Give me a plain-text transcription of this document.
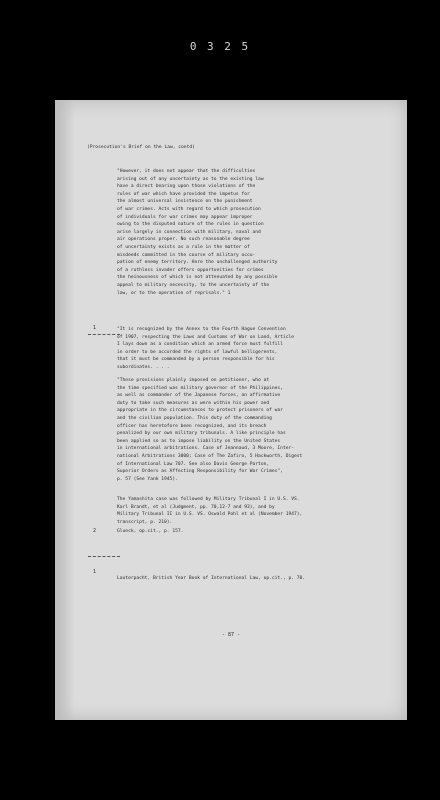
0 3 2 5

(Prosecution's Brief on the Law, contd)

"However, it does not appear that the difficulties

arising out of any uncertainty as to the existing law

have a direct bearing upon those violations of the

rules of war which have provided the impetus for

the almost universal insistence on the punishment

of war crimes. Acts with regard to which prosecution

of individuals for war crimes may appear improper

owing to the disputed nature of the rules in question

arise largely in connection with military, naval and

air operations proper. No such reasonable degree

of uncertainty exists as a rule in the matter of

misdeeds committed in the course of military occu-

pation of enemy territory. Here the unchallenged authority

of a ruthless invader offers opportunities for crimes

the heinousness of which is not attenuated by any possible

appeal to military necessity, to the uncertainty of the

law, or to the operation of reprisals." 1

1	"It is recognized by the Annex to the Fourth Hague Convention

of 1907, respecting the Laws and Customs of War on Land, Article

I lays down as a condition which an armed force must fulfill

in order to be accorded the rights of lawful belligerents,

that it must be commanded by a person responsible for his

subordinates. . . .

"These provisions plainly imposed on petitioner, who at

the time specified was military governor of the Philippines,

as well as commander of the Japanese forces, an affirmative

duty to take such measures as were within his power and

appropriate in the circumstances to protect prisoners of war

and the civilian population. This duty of the commanding

officer has heretofore been recognized, and its breach

penalized by our own military tribunals. A like principle has

been applied so as to impose liability on the United States

in international arbitrations. Case of Jeannaud, 3 Moore, Inter-

national Arbitrations 3000; Case of The Zafiro, 5 Hackworth, Digest

of International Law 707. See also Davis George Parton,

Superior Orders as Affecting Responsibility for War Crimes",

p. 57 (See Yank 1945).

The Yamashita case was followed by Military Tribunal I in U.S. VS.

Karl Brandt, et al (Judgment, pp. 70,12-7 and 93), and by

Military Tribunal II in U.S. VS. Oswald Pohl et al (November 1947),

transcript, p. 210).

2	Glueck, op.cit., p. 157.

1

Lauterpacht, British Year Book of International Law, op.cit., p. 78.

- 87 -
